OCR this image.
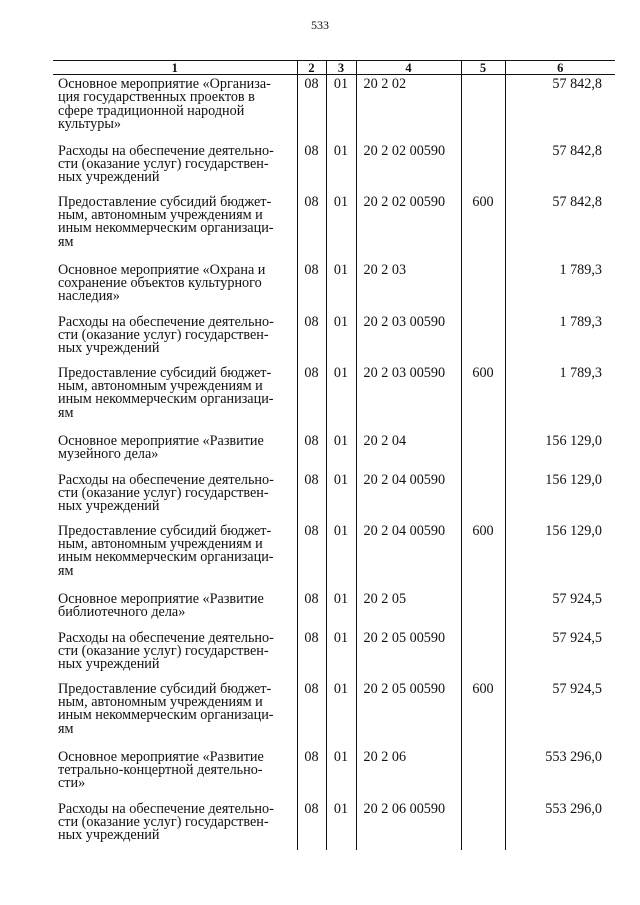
533
1	2	3	4	5	6

Основное мероприятие «Организа-
ция государственных проектов в
сфере традиционной народной
культуры»	08	01	20 2 02		57 842,8

Расходы на обеспечение деятельно-
сти (оказание услуг) государствен-
ных учреждений	08	01	20 2 02 00590		57 842,8

Предоставление субсидий бюджет-
ным, автономным учреждениям и
иным некоммерческим организаци-
ям	08	01	20 2 02 00590	600	57 842,8

Основное мероприятие «Охрана и
сохранение объектов культурного
наследия»	08	01	20 2 03		1 789,3

Расходы на обеспечение деятельно-
сти (оказание услуг) государствен-
ных учреждений	08	01	20 2 03 00590		1 789,3

Предоставление субсидий бюджет-
ным, автономным учреждениям и
иным некоммерческим организаци-
ям	08	01	20 2 03 00590	600	1 789,3

Основное мероприятие «Развитие
музейного дела»	08	01	20 2 04		156 129,0

Расходы на обеспечение деятельно-
сти (оказание услуг) государствен-
ных учреждений	08	01	20 2 04 00590		156 129,0

Предоставление субсидий бюджет-
ным, автономным учреждениям и
иным некоммерческим организаци-
ям	08	01	20 2 04 00590	600	156 129,0

Основное мероприятие «Развитие
библиотечного дела»	08	01	20 2 05		57 924,5

Расходы на обеспечение деятельно-
сти (оказание услуг) государствен-
ных учреждений	08	01	20 2 05 00590		57 924,5

Предоставление субсидий бюджет-
ным, автономным учреждениям и
иным некоммерческим организаци-
ям	08	01	20 2 05 00590	600	57 924,5

Основное мероприятие «Развитие
тетрально-концертной деятельно-
сти»	08	01	20 2 06		553 296,0

Расходы на обеспечение деятельно-
сти (оказание услуг) государствен-
ных учреждений	08	01	20 2 06 00590		553 296,0
